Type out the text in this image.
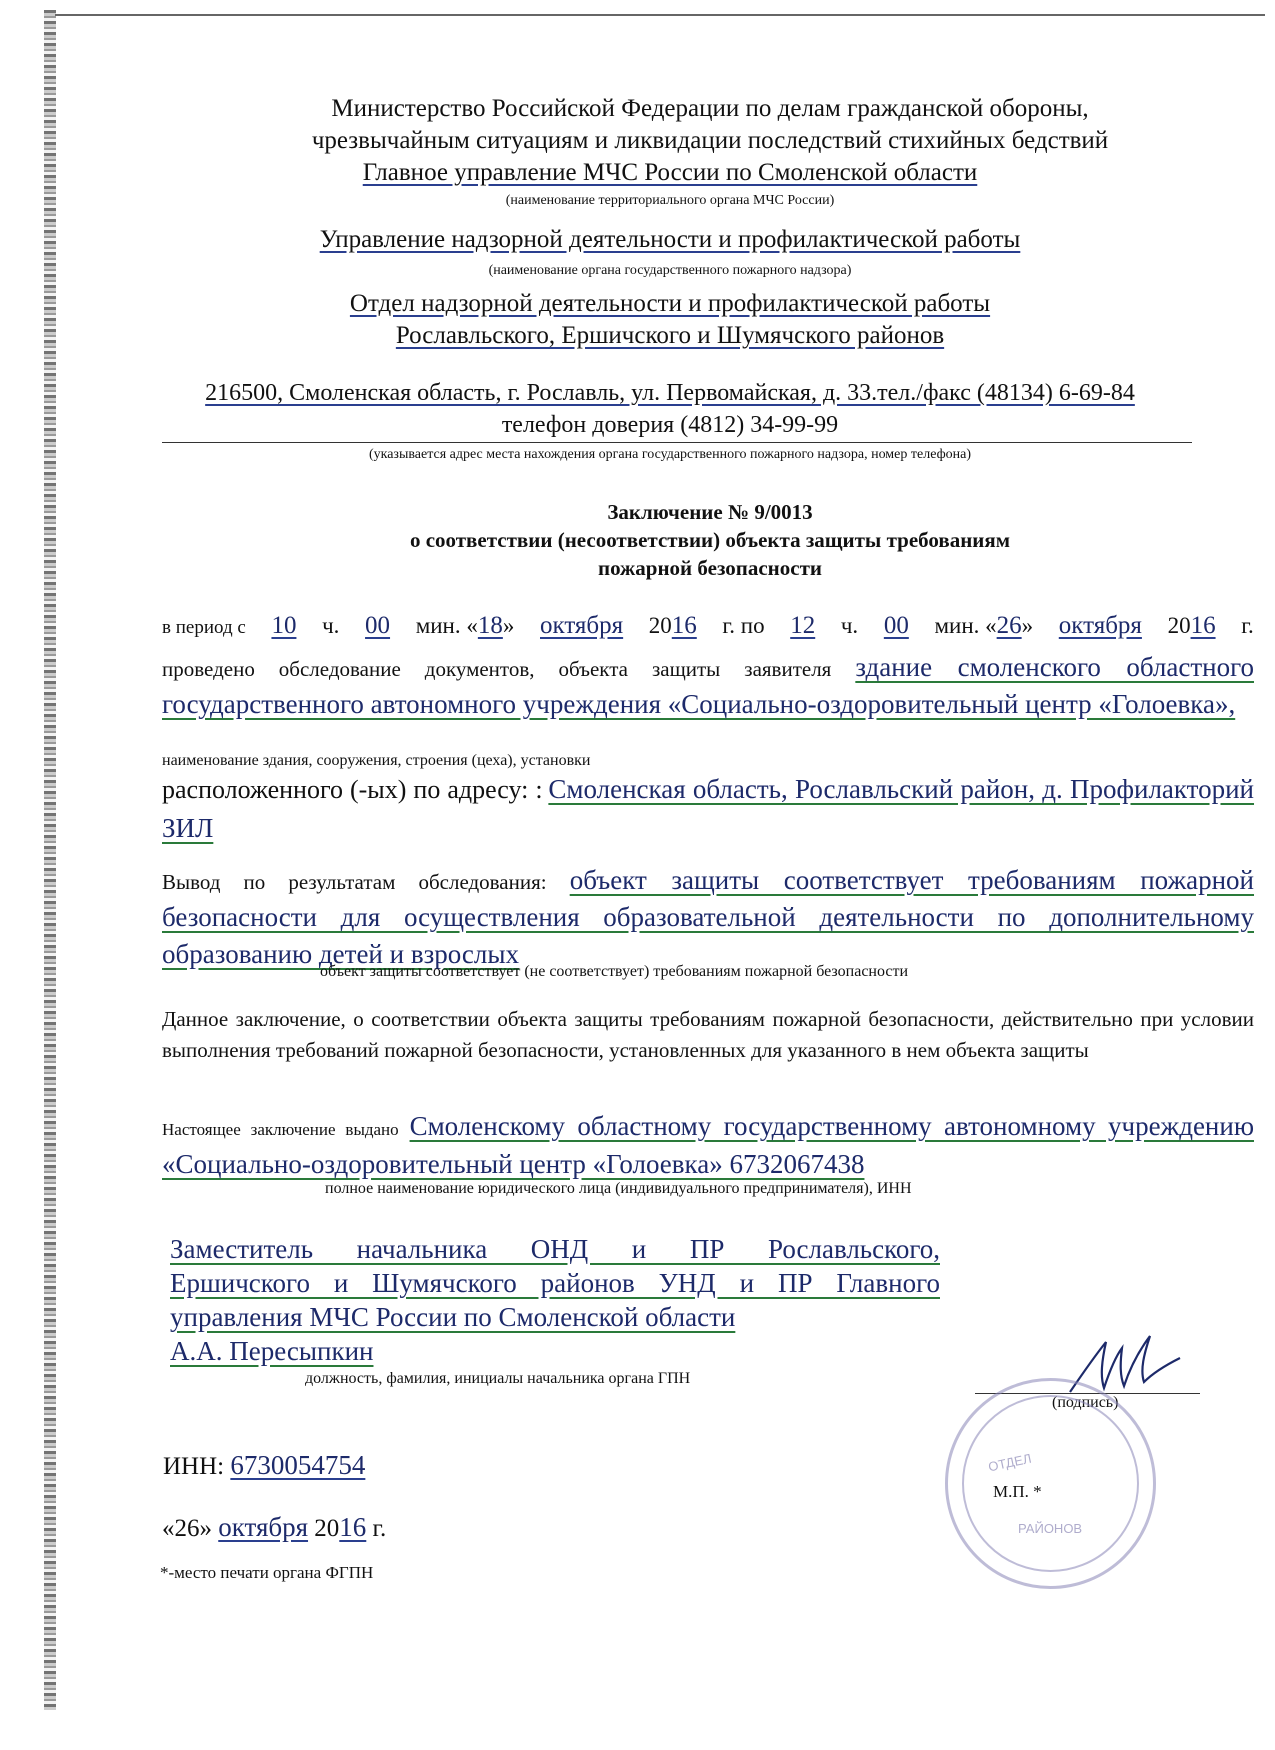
Министерство Российской Федерации по делам гражданской обороны,
чрезвычайным ситуациям и ликвидации последствий стихийных бедствий
Главное управление МЧС России по Смоленской области
(наименование территориального органа МЧС России)
Управление надзорной деятельности и профилактической работы
(наименование органа государственного пожарного надзора)
Отдел надзорной деятельности и профилактической работы
Рославльского, Ершичского и Шумячского районов
216500, Смоленская область, г. Рославль, ул. Первомайская, д. 33.тел./факс (48134) 6-69-84
телефон доверия (4812) 34-99-99
(указывается адрес места нахождения органа государственного пожарного надзора, номер телефона)
Заключение № 9/0013
о соответствии (несоответствии) объекта защиты требованиям
пожарной безопасности
в период с 10 ч. 00 мин. «18» октября 2016 г. по 12 ч. 00 мин. «26» октября 2016 г.
проведено обследование документов, объекта защиты заявителя здание смоленского областного государственного автономного учреждения «Социально-оздоровительный центр «Голоевка»,
наименование здания, сооружения, строения (цеха), установки
расположенного (-ых) по адресу: : Смоленская область, Рославльский район, д. Профилакторий ЗИЛ
Вывод по результатам обследования: объект защиты соответствует требованиям пожарной безопасности для осуществления образовательной деятельности по дополнительному образованию детей и взрослых
объект защиты соответствует (не соответствует) требованиям пожарной безопасности
Данное заключение, о соответствии объекта защиты требованиям пожарной безопасности, действительно при условии выполнения требований пожарной безопасности, установленных для указанного в нем объекта защиты
Настоящее заключение выдано Смоленскому областному государственному автономному учреждению «Социально-оздоровительный центр «Голоевка» 6732067438
полное наименование юридического лица (индивидуального предпринимателя), ИНН
Заместитель начальника ОНД и ПР Рославльского,
Ершичского и Шумячского районов УНД и ПР Главного
управления МЧС России по Смоленской области
А.А. Пересыпкин
должность, фамилия, инициалы начальника органа ГПН
(подпись)
ОТДЕЛ
РАЙОНОВ
М.П. *
ИНН: 6730054754
«26» октября 2016 г.
*-место печати органа ФГПН
